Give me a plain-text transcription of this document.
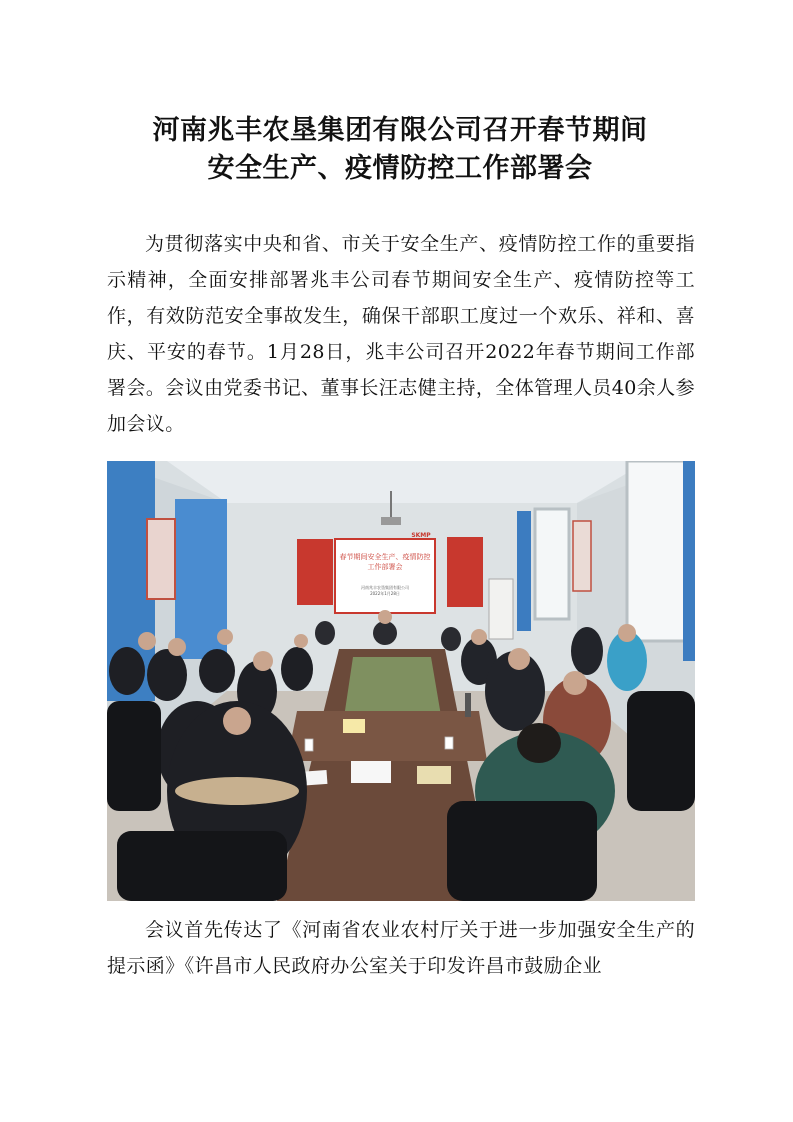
河南兆丰农垦集团有限公司召开春节期间
安全生产、疫情防控工作部署会

为贯彻落实中央和省、市关于安全生产、疫情防控工作的重要指示精神，全面安排部署兆丰公司春节期间安全生产、疫情防控等工作，有效防范安全事故发生，确保干部职工度过一个欢乐、祥和、喜庆、平安的春节。1月28日，兆丰公司召开2022年春节期间工作部署会。会议由党委书记、董事长汪志健主持，全体管理人员40余人参加会议。

春节期间安全生产、疫情防控
工作部署会
河南兆丰农垦集团有限公司
2022年1月28日
SKMP

会议首先传达了《河南省农业农村厅关于进一步加强安全生产的提示函》《许昌市人民政府办公室关于印发许昌市鼓励企业
